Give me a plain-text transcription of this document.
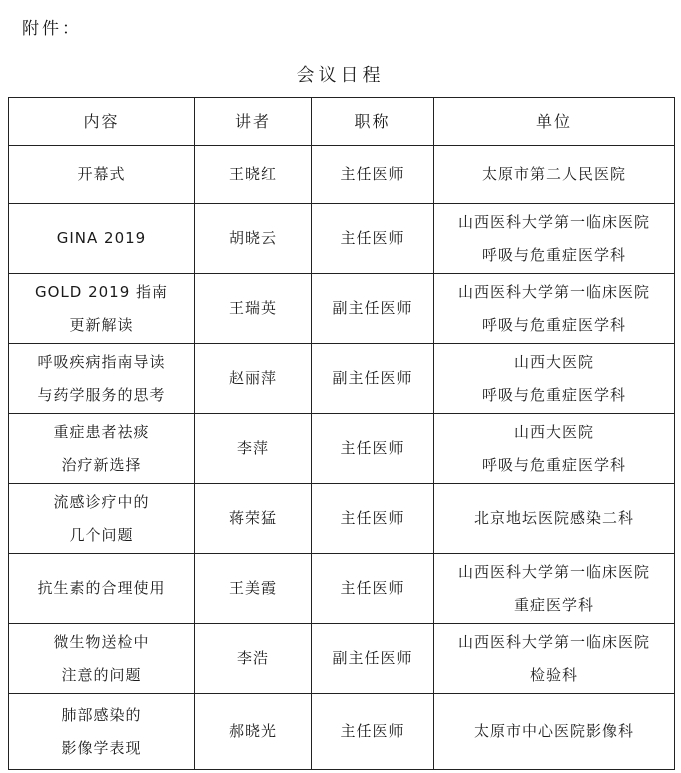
附件：
会议日程
内容	讲者	职称	单位

开幕式	王晓红	主任医师	太原市第二人民医院

GINA 2019	胡晓云	主任医师	山西医科大学第一临床医院
呼吸与危重症医学科

GOLD 2019 指南
更新解读	王瑞英	副主任医师	山西医科大学第一临床医院
呼吸与危重症医学科

呼吸疾病指南导读
与药学服务的思考	赵丽萍	副主任医师	山西大医院
呼吸与危重症医学科

重症患者祛痰
治疗新选择	李萍	主任医师	山西大医院
呼吸与危重症医学科

流感诊疗中的
几个问题	蒋荣猛	主任医师	北京地坛医院感染二科

抗生素的合理使用	王美霞	主任医师	山西医科大学第一临床医院
重症医学科

微生物送检中
注意的问题	李浩	副主任医师	山西医科大学第一临床医院
检验科

肺部感染的
影像学表现	郝晓光	主任医师	太原市中心医院影像科
